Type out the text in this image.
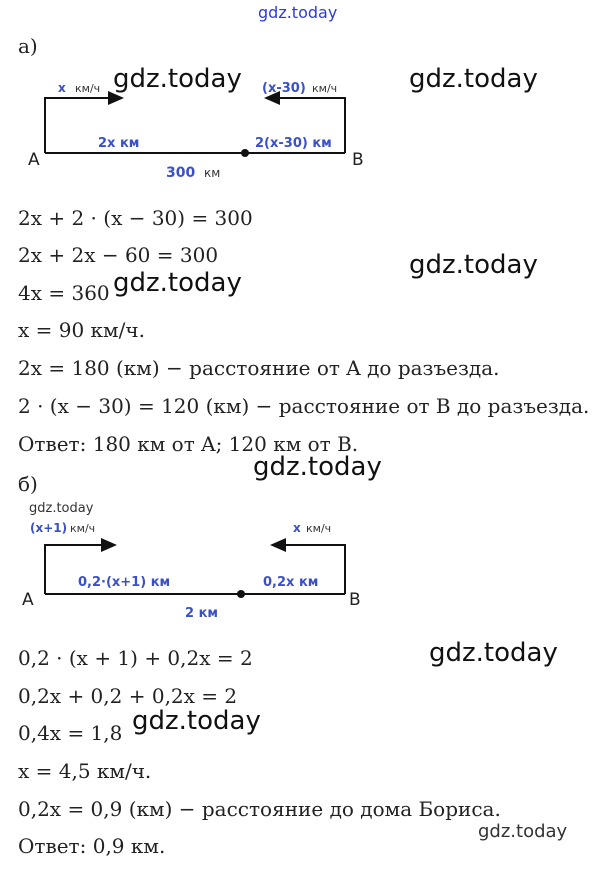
gdz.today
а)
A	B
x км/ч	(x-30) км/ч
2x км	2(x-30) км
300 км
gdz.today	gdz.today
2x + 2 · (x − 30) = 300
2x + 2x − 60 = 300
4x = 360
x = 90 км/ч.
2x = 180 (км) − расстояние от A до разъезда.
2 · (x − 30) = 120 (км) − расстояние от B до разъезда.
Ответ: 180 км от A; 120 км от B.
gdz.today
gdz.today
gdz.today
б)
gdz.today
A	B
(x+1) км/ч	x км/ч
0,2·(x+1) км	0,2x км
2 км
0,2 · (x + 1) + 0,2x = 2
0,2x + 0,2 + 0,2x = 2
0,4x = 1,8
x = 4,5 км/ч.
0,2x = 0,9 (км) − расстояние до дома Бориса.
Ответ: 0,9 км.
gdz.today
gdz.today
gdz.today
